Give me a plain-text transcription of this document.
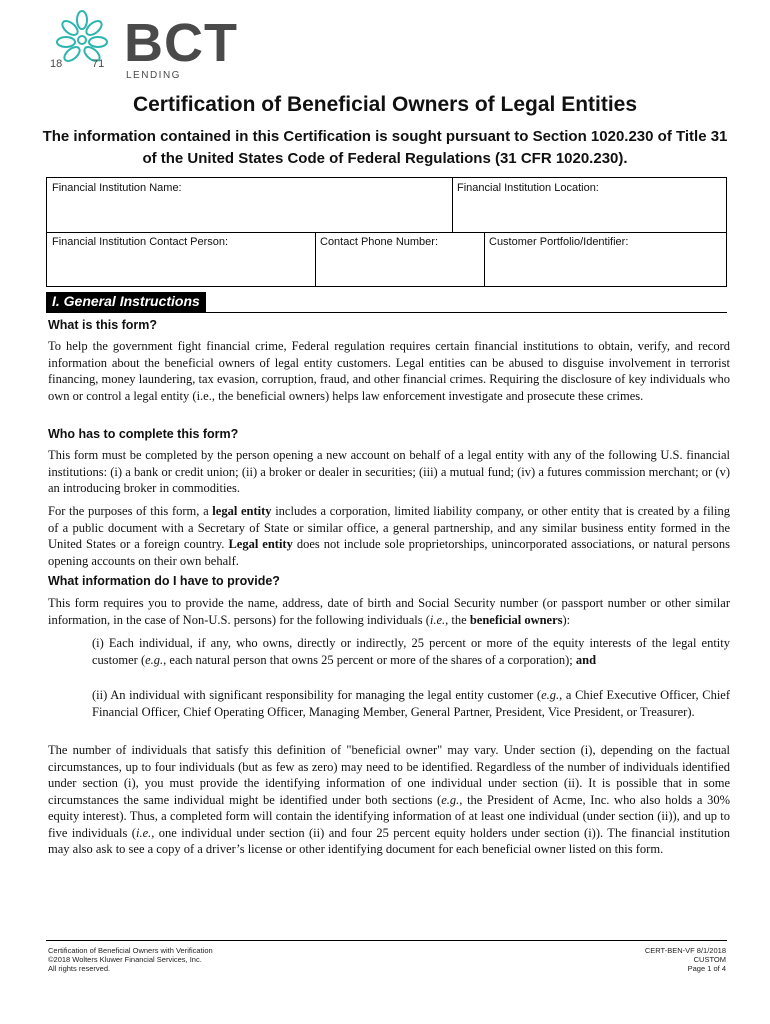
18	71 BCT
LENDING
Certification of Beneficial Owners of Legal Entities
The information contained in this Certification is sought pursuant to Section 1020.230 of Title 31 of the United States Code of Federal Regulations (31 CFR 1020.230).
Financial Institution Name:	Financial Institution Location:
Financial Institution Contact Person:	Contact Phone Number:	Customer Portfolio/Identifier:
I. General Instructions
What is this form?
To help the government fight financial crime, Federal regulation requires certain financial institutions to obtain, verify, and record information about the beneficial owners of legal entity customers. Legal entities can be abused to disguise involvement in terrorist financing, money laundering, tax evasion, corruption, fraud, and other financial crimes. Requiring the disclosure of key individuals who own or control a legal entity (i.e., the beneficial owners) helps law enforcement investigate and prosecute these crimes.
Who has to complete this form?
This form must be completed by the person opening a new account on behalf of a legal entity with any of the following U.S. financial institutions: (i) a bank or credit union; (ii) a broker or dealer in securities; (iii) a mutual fund; (iv) a futures commission merchant; or (v) an introducing broker in commodities.
For the purposes of this form, a legal entity includes a corporation, limited liability company, or other entity that is created by a filing of a public document with a Secretary of State or similar office, a general partnership, and any similar business entity formed in the United States or a foreign country. Legal entity does not include sole proprietorships, unincorporated associations, or natural persons opening accounts on their own behalf.
What information do I have to provide?
This form requires you to provide the name, address, date of birth and Social Security number (or passport number or other similar information, in the case of Non-U.S. persons) for the following individuals (i.e., the beneficial owners):
(i) Each individual, if any, who owns, directly or indirectly, 25 percent or more of the equity interests of the legal entity customer (e.g., each natural person that owns 25 percent or more of the shares of a corporation); and
(ii) An individual with significant responsibility for managing the legal entity customer (e.g., a Chief Executive Officer, Chief Financial Officer, Chief Operating Officer, Managing Member, General Partner, President, Vice President, or Treasurer).
The number of individuals that satisfy this definition of "beneficial owner" may vary. Under section (i), depending on the factual circumstances, up to four individuals (but as few as zero) may need to be identified. Regardless of the number of individuals identified under section (i), you must provide the identifying information of one individual under section (ii). It is possible that in some circumstances the same individual might be identified under both sections (e.g., the President of Acme, Inc. who also holds a 30% equity interest). Thus, a completed form will contain the identifying information of at least one individual (under section (ii)), and up to five individuals (i.e., one individual under section (ii) and four 25 percent equity holders under section (i)). The financial institution may also ask to see a copy of a driver’s license or other identifying document for each beneficial owner listed on this form.
Certification of Beneficial Owners with Verification
©2018 Wolters Kluwer Financial Services, Inc.
All rights reserved.
CERT-BEN-VF 8/1/2018
CUSTOM
Page 1 of 4
